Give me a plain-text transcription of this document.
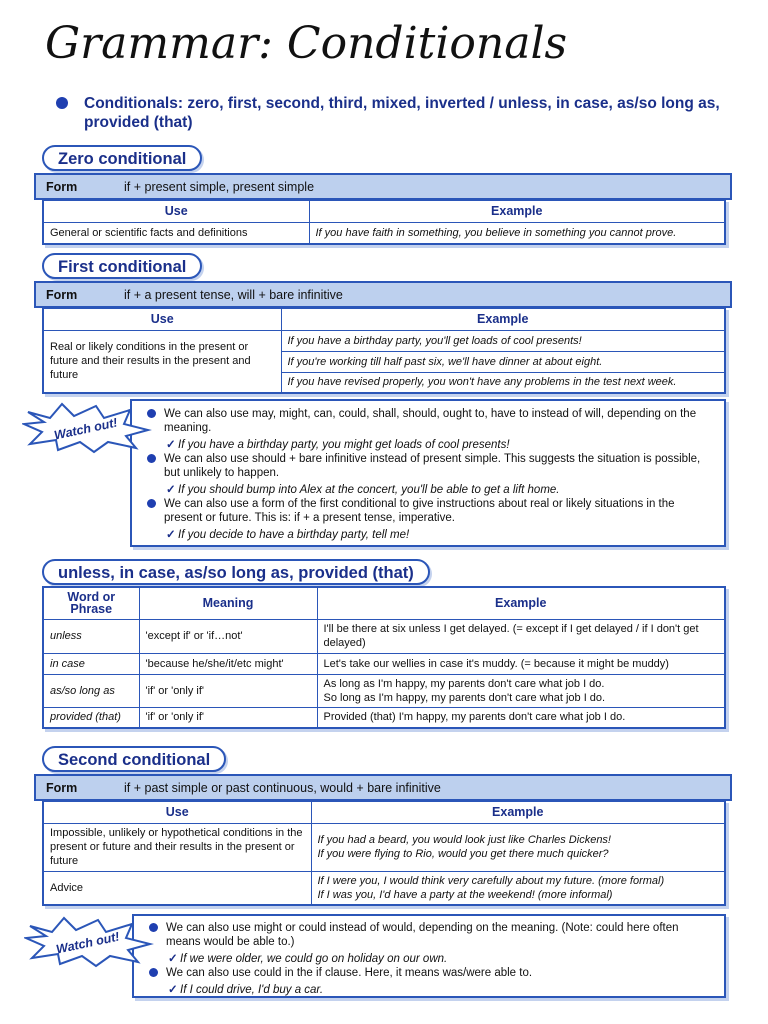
Grammar: Conditionals
Conditionals: zero, first, second, third, mixed, inverted / unless, in case, as/so long as, provided (that)
Zero conditional
Form	if + present simple, present simple
Use	Example
General or scientific facts and definitions	If you have faith in something, you believe in something you cannot prove.
First conditional
Form	if + a present tense, will + bare infinitive
Use	Example
Real or likely conditions in the present or future and their results in the present and future	If you have a birthday party, you'll get loads of cool presents!
	If you're working till half past six, we'll have dinner at about eight.
	If you have revised properly, you won't have any problems in the test next week.
We can also use may, might, can, could, shall, should, ought to, have to instead of will, depending on the meaning.
✓ If you have a birthday party, you might get loads of cool presents!
We can also use should + bare infinitive instead of present simple. This suggests the situation is possible, but unlikely to happen.
✓ If you should bump into Alex at the concert, you'll be able to get a lift home.
We can also use a form of the first conditional to give instructions about real or likely situations in the present or future. This is: if + a present tense, imperative.
✓ If you decide to have a birthday party, tell me!
Watch out!
unless, in case, as/so long as, provided (that)
Word or Phrase	Meaning	Example
unless	'except if' or 'if…not'	I'll be there at six unless I get delayed. (= except if I get delayed / if I don't get delayed)
in case	'because he/she/it/etc might'	Let's take our wellies in case it's muddy. (= because it might be muddy)
as/so long as	'if' or 'only if'	As long as I'm happy, my parents don't care what job I do.
So long as I'm happy, my parents don't care what job I do.

provided (that)	'if' or 'only if'	Provided (that) I'm happy, my parents don't care what job I do.
Second conditional
Form	if + past simple or past continuous, would + bare infinitive
Use	Example
Impossible, unlikely or hypothetical conditions in the present or future and their results in the present or future	If you had a beard, you would look just like Charles Dickens!
If you were flying to Rio, would you get there much quicker?

Advice	If I were you, I would think very carefully about my future. (more formal)
If I was you, I'd have a party at the weekend! (more informal)
We can also use might or could instead of would, depending on the meaning. (Note: could here often means would be able to.)
✓ If we were older, we could go on holiday on our own.
We can also use could in the if clause. Here, it means was/were able to.
✓ If I could drive, I'd buy a car.
Watch out!
